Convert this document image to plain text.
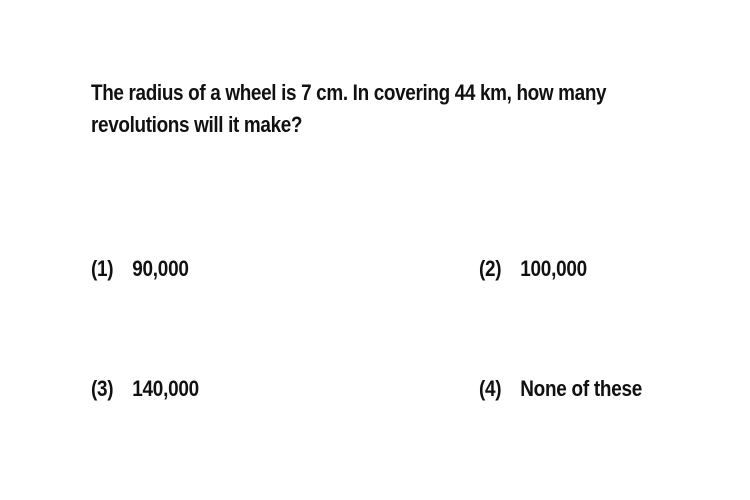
The radius of a wheel is 7 cm. In covering 44 km, how many
revolutions will it make?
(1) 90,000	(2) 100,000
(3) 140,000	(4) None of these
